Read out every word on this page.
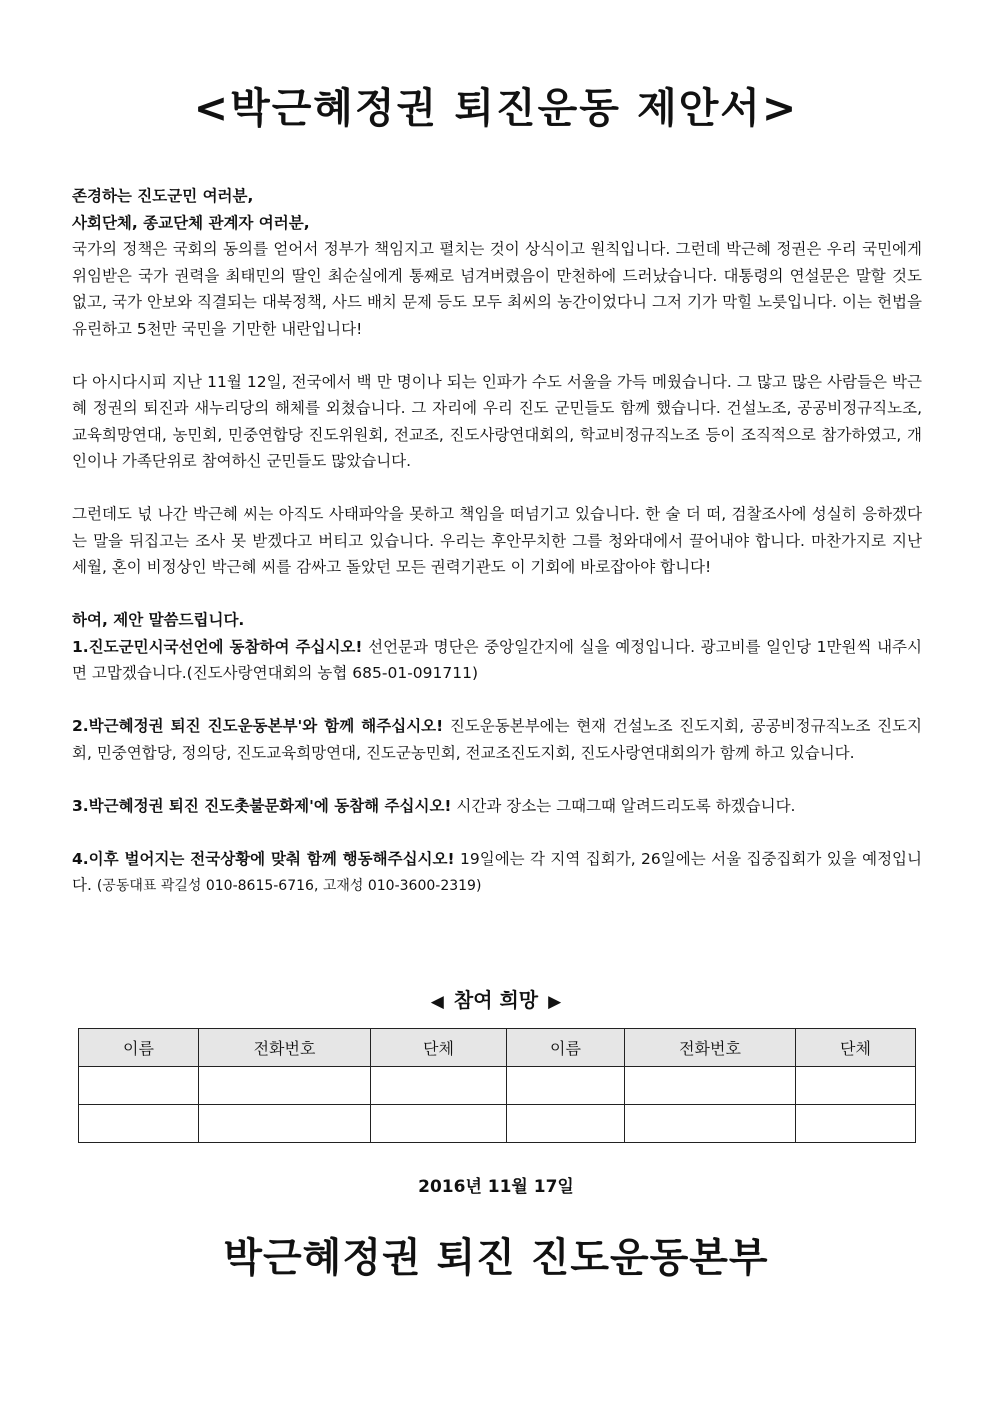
<박근혜정권 퇴진운동 제안서>

존경하는 진도군민 여러분,

사회단체, 종교단체 관계자 여러분,

국가의 정책은 국회의 동의를 얻어서 정부가 책임지고 펼치는 것이 상식이고 원칙입니다. 그런데 박근혜 정권은 우리 국민에게 위임받은 국가 권력을 최태민의 딸인 최순실에게 통째로 넘겨버렸음이 만천하에 드러났습니다. 대통령의 연설문은 말할 것도 없고, 국가 안보와 직결되는 대북정책, 사드 배치 문제 등도 모두 최씨의 농간이었다니 그저 기가 막힐 노릇입니다. 이는 헌법을 유린하고 5천만 국민을 기만한 내란입니다!

다 아시다시피 지난 11월 12일, 전국에서 백 만 명이나 되는 인파가 수도 서울을 가득 메웠습니다. 그 많고 많은 사람들은 박근혜 정권의 퇴진과 새누리당의 해체를 외쳤습니다. 그 자리에 우리 진도 군민들도 함께 했습니다. 건설노조, 공공비정규직노조, 교육희망연대, 농민회, 민중연합당 진도위원회, 전교조, 진도사랑연대회의, 학교비정규직노조 등이 조직적으로 참가하였고, 개인이나 가족단위로 참여하신 군민들도 많았습니다.

그런데도 넋 나간 박근혜 씨는 아직도 사태파악을 못하고 책임을 떠넘기고 있습니다. 한 술 더 떠, 검찰조사에 성실히 응하겠다는 말을 뒤집고는 조사 못 받겠다고 버티고 있습니다. 우리는 후안무치한 그를 청와대에서 끌어내야 합니다. 마찬가지로 지난 세월, 혼이 비정상인 박근혜 씨를 감싸고 돌았던 모든 권력기관도 이 기회에 바로잡아야 합니다!

하여, 제안 말씀드립니다.

1.진도군민시국선언에 동참하여 주십시오! 선언문과 명단은 중앙일간지에 실을 예정입니다. 광고비를 일인당 1만원씩 내주시면 고맙겠습니다.(진도사랑연대회의 농협 685-01-091711)

2.박근혜정권 퇴진 진도운동본부'와 함께 해주십시오! 진도운동본부에는 현재 건설노조 진도지회, 공공비정규직노조 진도지회, 민중연합당, 정의당, 진도교육희망연대, 진도군농민회, 전교조진도지회, 진도사랑연대회의가 함께 하고 있습니다.

3.박근혜정권 퇴진 진도촛불문화제'에 동참해 주십시오! 시간과 장소는 그때그때 알려드리도록 하겠습니다.

4.이후 벌어지는 전국상황에 맞춰 함께 행동해주십시오! 19일에는 각 지역 집회가, 26일에는 서울 집중집회가 있을 예정입니다. (공동대표 곽길성 010-8615-6716, 고재성 010-3600-2319)

◀ 참여 희망 ▶
이름	전화번호	단체	이름	전화번호	단체

2016년 11월 17일
박근혜정권 퇴진 진도운동본부
